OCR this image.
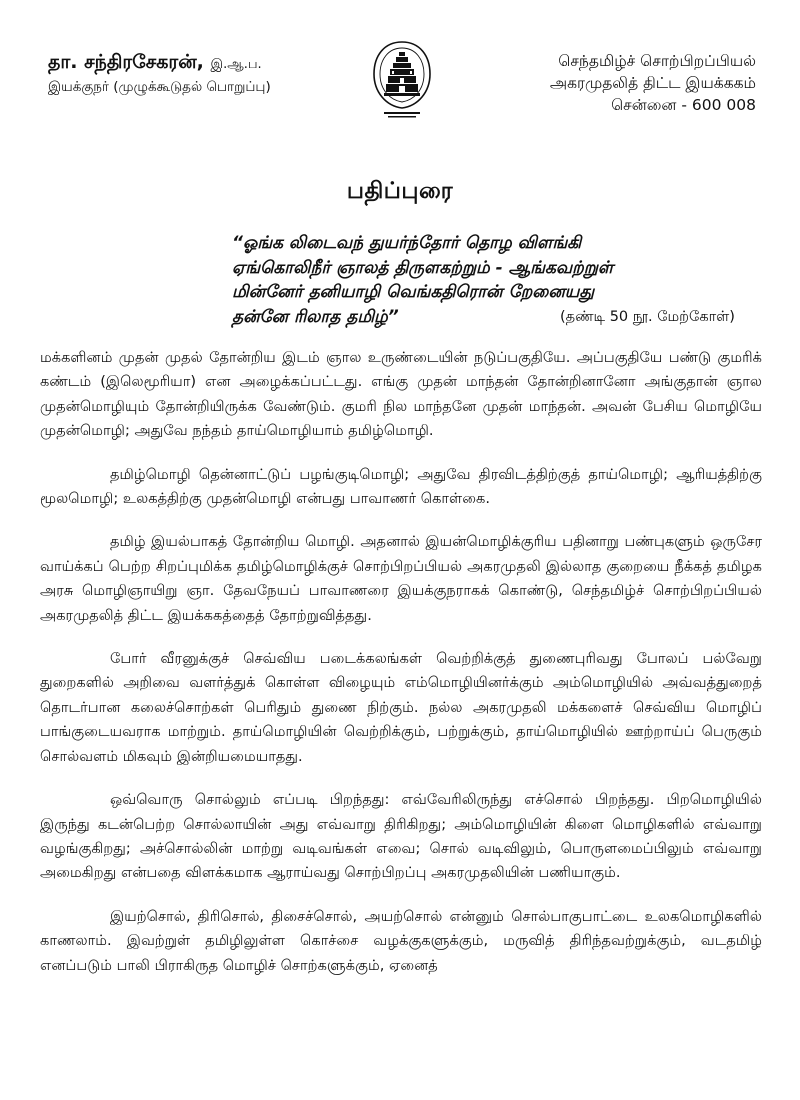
தா. சந்திரசேகரன், இ.ஆ.ப.
இயக்குநர் (முழுக்கூடுதல் பொறுப்பு)
செந்தமிழ்ச் சொற்பிறப்பியல்
அகரமுதலித் திட்ட இயக்ககம்
சென்னை - 600 008
பதிப்புரை
“ஓங்க லிடைவந் துயர்ந்தோர் தொழ விளங்கி
ஏங்கொலிநீர் ஞாலத் திருளகற்றும் - ஆங்கவற்றுள்
மின்னேர் தனியாழி வெங்கதிரொன் றேனையது
தன்னே ரிலாத தமிழ்”	(தண்டி 50 நூ. மேற்கோள்)

மக்களினம் முதன் முதல் தோன்றிய இடம் ஞால உருண்டையின் நடுப்பகுதியே. அப்பகுதியே பண்டு குமரிக் கண்டம் (இலெமூரியா) என அழைக்கப்பட்டது. எங்கு முதன் மாந்தன் தோன்றினானோ அங்குதான் ஞால முதன்மொழியும் தோன்றியிருக்க வேண்டும். குமரி நில மாந்தனே முதன் மாந்தன். அவன் பேசிய மொழியே முதன்மொழி; அதுவே நந்தம் தாய்மொழியாம் தமிழ்மொழி.

தமிழ்மொழி தென்னாட்டுப் பழங்குடிமொழி; அதுவே திரவிடத்திற்குத் தாய்மொழி; ஆரியத்திற்கு மூலமொழி; உலகத்திற்கு முதன்மொழி என்பது பாவாணர் கொள்கை.

தமிழ் இயல்பாகத் தோன்றிய மொழி. அதனால் இயன்மொழிக்குரிய பதினாறு பண்புகளும் ஒருசேர வாய்க்கப் பெற்ற சிறப்புமிக்க தமிழ்மொழிக்குச் சொற்பிறப்பியல் அகரமுதலி இல்லாத குறையை நீக்கத் தமிழக அரசு மொழிஞாயிறு ஞா. தேவநேயப் பாவாணரை இயக்குநராகக் கொண்டு, செந்தமிழ்ச் சொற்பிறப்பியல் அகரமுதலித் திட்ட இயக்ககத்தைத் தோற்றுவித்தது.

போர் வீரனுக்குச் செவ்விய படைக்கலங்கள் வெற்றிக்குத் துணைபுரிவது போலப் பல்வேறு துறைகளில் அறிவை வளர்த்துக் கொள்ள விழையும் எம்மொழியினர்க்கும் அம்மொழியில் அவ்வத்துறைத் தொடர்பான கலைச்சொற்கள் பெரிதும் துணை நிற்கும். நல்ல அகரமுதலி மக்களைச் செவ்விய மொழிப் பாங்குடையவராக மாற்றும். தாய்மொழியின் வெற்றிக்கும், பற்றுக்கும், தாய்மொழியில் ஊற்றாய்ப் பெருகும் சொல்வளம் மிகவும் இன்றியமையாதது.

ஒவ்வொரு சொல்லும் எப்படி பிறந்தது: எவ்வேரிலிருந்து எச்சொல் பிறந்தது. பிறமொழியில் இருந்து கடன்பெற்ற சொல்லாயின் அது எவ்வாறு திரிகிறது; அம்மொழியின் கிளை மொழிகளில் எவ்வாறு வழங்குகிறது; அச்சொல்லின் மாற்று வடிவங்கள் எவை; சொல் வடிவிலும், பொருளமைப்பிலும் எவ்வாறு அமைகிறது என்பதை விளக்கமாக ஆராய்வது சொற்பிறப்பு அகரமுதலியின் பணியாகும்.

இயற்சொல், திரிசொல், திசைச்சொல், அயற்சொல் என்னும் சொல்பாகுபாட்டை உலகமொழிகளில் காணலாம். இவற்றுள் தமிழிலுள்ள கொச்சை வழக்குகளுக்கும், மருவித் திரிந்தவற்றுக்கும், வடதமிழ் எனப்படும் பாலி பிராகிருத மொழிச் சொற்களுக்கும், ஏனைத்
